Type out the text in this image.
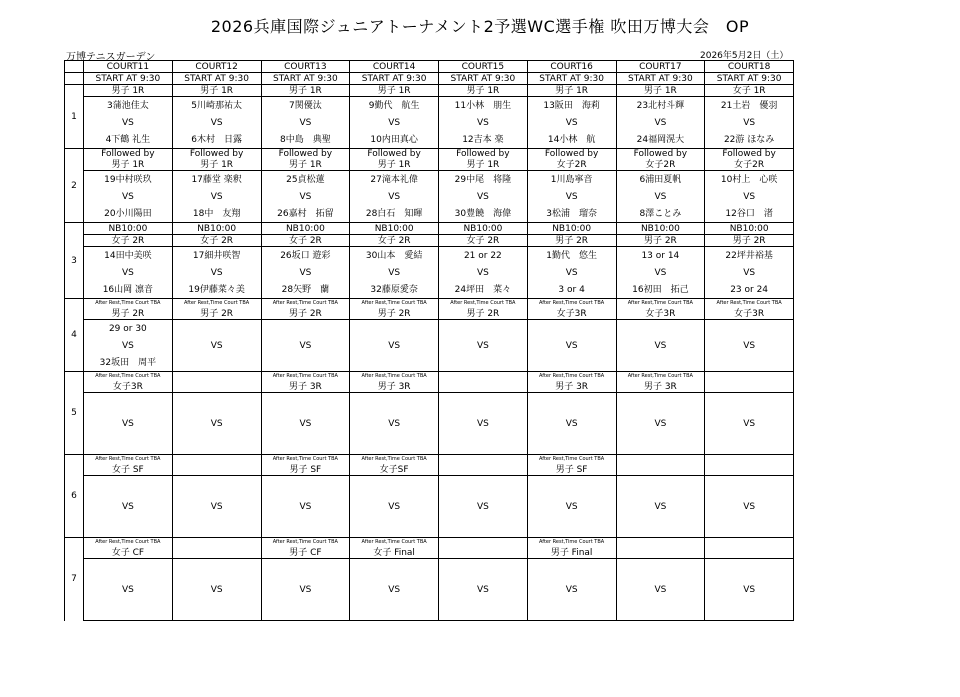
2026兵庫国際ジュニアトーナメント2予選WC選手権 吹田万博大会　OP
万博テニスガーデン	2026年5月2日（土）
	COURT11	COURT12	COURT13	COURT14	COURT15	COURT16	COURT17	COURT18
	START AT 9:30	START AT 9:30	START AT 9:30	START AT 9:30	START AT 9:30	START AT 9:30	START AT 9:30	START AT 9:30
1	男子 1R	男子 1R	男子 1R	男子 1R	男子 1R	男子 1R	男子 1R	女子 1R
	3蒲池佳太	5川崎那祐太	7関優汰	9勤代　航生	11小林　朋生	13阪田　海莉	23北村斗輝	21土岩　優羽
	VS	VS	VS	VS	VS	VS	VS	VS
	4下鶴 礼生	6木村　日露	8中島　典聖	10内田真心	12吉本 楽	14小林　航	24福岡滉大	22游 ほなみ
2	Followed by	Followed by	Followed by	Followed by	Followed by	Followed by	Followed by	Followed by
	男子 1R	男子 1R	男子 1R	男子 1R	男子 1R	女子2R	女子2R	女子2R
	19中村咲玖	17藤堂 楽釈	25貞松蓮	27滝本礼偉	29中尾　将隆	1川島寧音	6浦田夏帆	10村上　心咲
	VS	VS	VS	VS	VS	VS	VS	VS
	20小川陽田	18中　友翔	26嘉村　拓留	28白石　知暉	30豊饒　海偉	3松浦　瑠奈	8澤ことみ	12谷口　渚
3	NB10:00	NB10:00	NB10:00	NB10:00	NB10:00	NB10:00	NB10:00	NB10:00
	女子 2R	女子 2R	女子 2R	女子 2R	女子 2R	男子 2R	男子 2R	男子 2R
	14田中美咲	17細井咲智	26坂口 遊彩	30山本　愛結	21 or 22	1勤代　悠生	13 or 14	22坪井裕基
	VS	VS	VS	VS	VS	VS	VS	VS
	16山岡 凛音	19伊藤菜々美	28矢野　蘭	32藤原愛奈	24坪田　菜々	3 or 4	16初田　拓己	23 or 24
4	After Rest,Time Court TBA	After Rest,Time Court TBA	After Rest,Time Court TBA	After Rest,Time Court TBA	After Rest,Time Court TBA	After Rest,Time Court TBA	After Rest,Time Court TBA	After Rest,Time Court TBA
	男子 2R	男子 2R	男子 2R	男子 2R	男子 2R	女子3R	女子3R	女子3R
	29 or 30							
	VS	VS	VS	VS	VS	VS	VS	VS
	32坂田　周平							
5	After Rest,Time Court TBA		After Rest,Time Court TBA	After Rest,Time Court TBA		After Rest,Time Court TBA	After Rest,Time Court TBA	
	女子3R		男子 3R	男子 3R		男子 3R	男子 3R	
	VS	VS	VS	VS	VS	VS	VS	VS
6	After Rest,Time Court TBA		After Rest,Time Court TBA	After Rest,Time Court TBA		After Rest,Time Court TBA		
	女子 SF		男子 SF	女子SF		男子 SF		
	VS	VS	VS	VS	VS	VS	VS	VS
7	After Rest,Time Court TBA		After Rest,Time Court TBA	After Rest,Time Court TBA		After Rest,Time Court TBA		
	女子 CF		男子 CF	女子 Final		男子 Final		
	VS	VS	VS	VS	VS	VS	VS	VS
